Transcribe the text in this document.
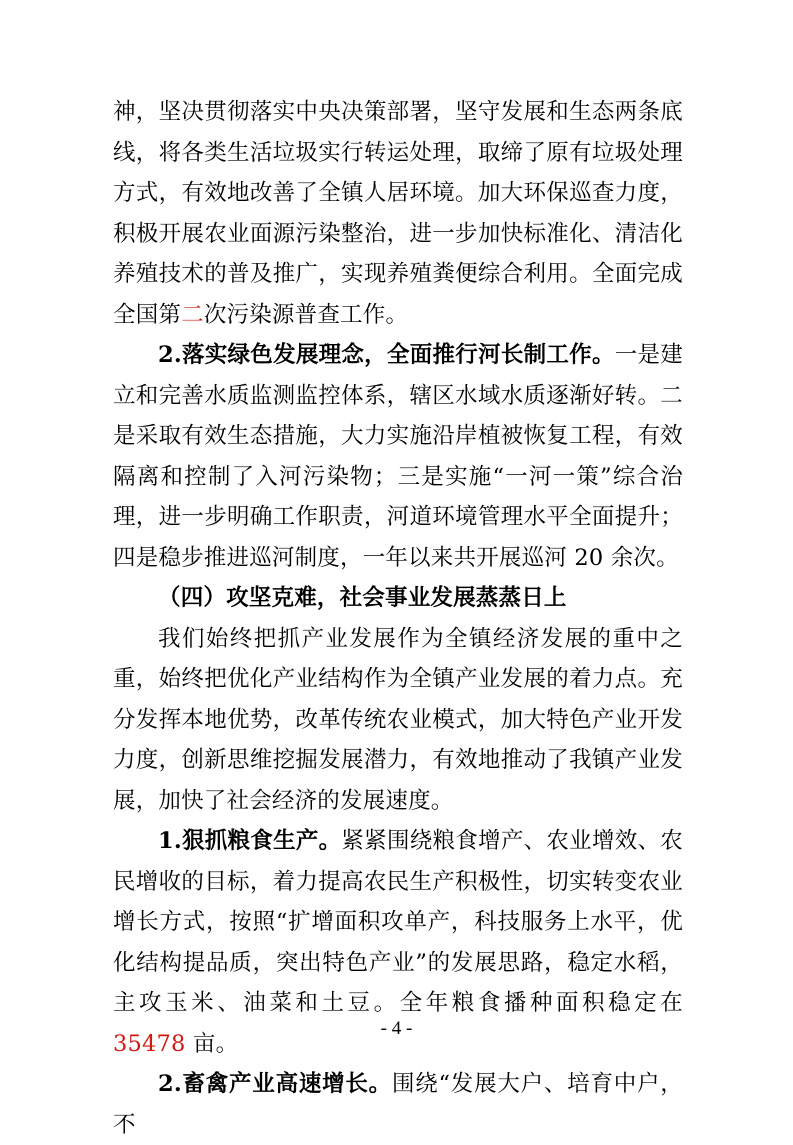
神，坚决贯彻落实中央决策部署，坚守发展和生态两条底线，将各类生活垃圾实行转运处理，取缔了原有垃圾处理方式，有效地改善了全镇人居环境。加大环保巡查力度，积极开展农业面源污染整治，进一步加快标准化、清洁化养殖技术的普及推广，实现养殖粪便综合利用。全面完成全国第二次污染源普查工作。

2.落实绿色发展理念，全面推行河长制工作。一是建立和完善水质监测监控体系，辖区水域水质逐渐好转。二是采取有效生态措施，大力实施沿岸植被恢复工程，有效隔离和控制了入河污染物；三是实施“一河一策”综合治理，进一步明确工作职责，河道环境管理水平全面提升；四是稳步推进巡河制度，一年以来共开展巡河 20 余次。

（四）攻坚克难，社会事业发展蒸蒸日上

我们始终把抓产业发展作为全镇经济发展的重中之重，始终把优化产业结构作为全镇产业发展的着力点。充分发挥本地优势，改革传统农业模式，加大特色产业开发力度，创新思维挖掘发展潜力，有效地推动了我镇产业发展，加快了社会经济的发展速度。

1.狠抓粮食生产。紧紧围绕粮食增产、农业增效、农民增收的目标，着力提高农民生产积极性，切实转变农业增长方式，按照“扩增面积攻单产，科技服务上水平，优化结构提品质，突出特色产业”的发展思路，稳定水稻，主攻玉米、油菜和土豆。全年粮食播种面积稳定在 35478 亩。

2.畜禽产业高速增长。围绕“发展大户、培育中户，不

- 4 -
